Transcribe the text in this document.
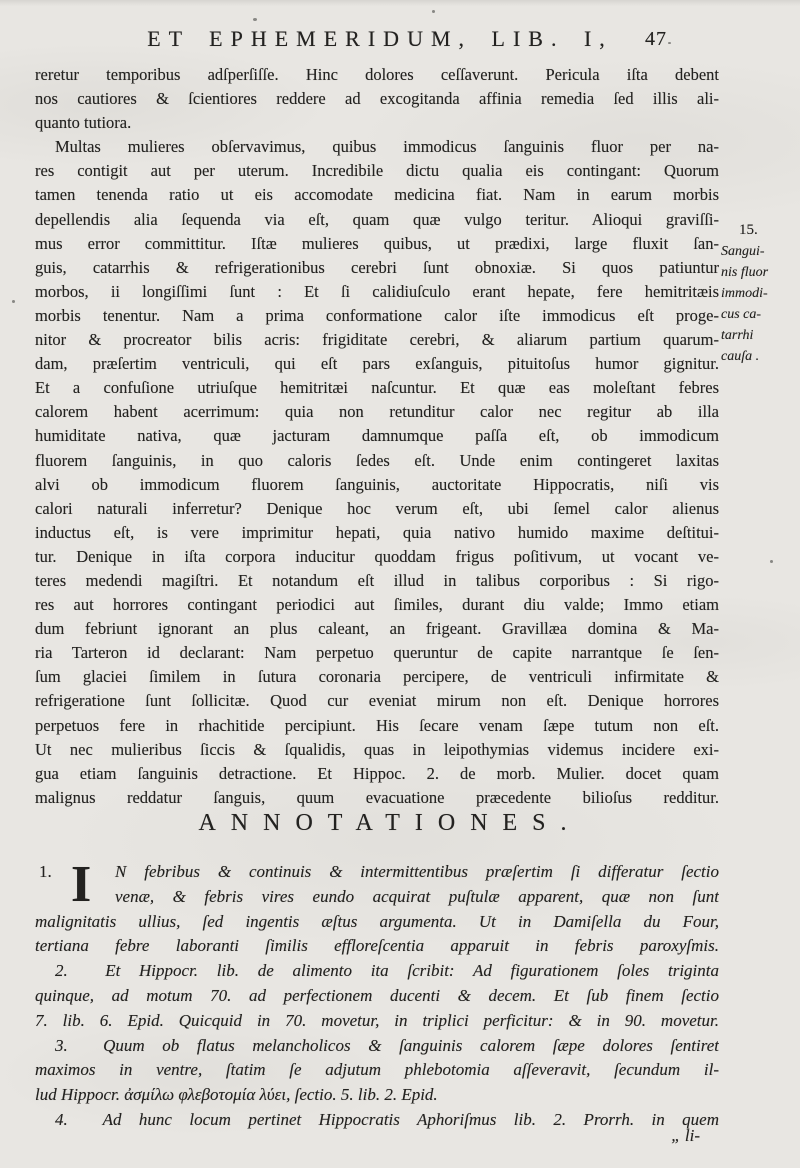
ET EPHEMERIDUM, LIB. I,	47
reretur temporibus adſperſiſſe. Hinc dolores ceſſaverunt. Pericula iſta debent
nos cautiores & ſcientiores reddere ad excogitanda affinia remedia ſed illis ali-
quanto tutiora.
Multas mulieres obſervavimus, quibus immodicus ſanguinis fluor per na-
res contigit aut per uterum. Incredibile dictu qualia eis contingant: Quorum
tamen tenenda ratio ut eis accomodate medicina fiat. Nam in earum morbis
depellendis alia ſequenda via eſt, quam quæ vulgo teritur. Alioqui graviſſi-
mus error committitur. Iſtæ mulieres quibus, ut prædixi, large fluxit ſan-
guis, catarrhis & refrigerationibus cerebri ſunt obnoxiæ. Si quos patiuntur
morbos, ii longiſſimi ſunt : Et ſi calidiuſculo erant hepate, fere hemitritæis
morbis tenentur. Nam a prima conformatione calor iſte immodicus eſt proge-
nitor & procreator bilis acris: frigiditate cerebri, & aliarum partium quarum-
dam, præſertim ventriculi, qui eſt pars exſanguis, pituitoſus humor gignitur.
Et a confuſione utriuſque hemitritæi naſcuntur. Et quæ eas moleſtant febres
calorem habent acerrimum: quia non retunditur calor nec regitur ab illa
humiditate nativa, quæ jacturam damnumque paſſa eſt, ob immodicum
fluorem ſanguinis, in quo caloris ſedes eſt. Unde enim contingeret laxitas
alvi ob immodicum fluorem ſanguinis, auctoritate Hippocratis, niſi vis
calori naturali inferretur? Denique hoc verum eſt, ubi ſemel calor alienus
inductus eſt, is vere imprimitur hepati, quia nativo humido maxime deſtitui-
tur. Denique in iſta corpora inducitur quoddam frigus poſitivum, ut vocant ve-
teres medendi magiſtri. Et notandum eſt illud in talibus corporibus : Si rigo-
res aut horrores contingant periodici aut ſimiles, durant diu valde; Immo etiam
dum febriunt ignorant an plus caleant, an frigeant. Gravillæa domina & Ma-
ria Tarteron id declarant: Nam perpetuo queruntur de capite narrantque ſe ſen-
ſum glaciei ſimilem in ſutura coronaria percipere, de ventriculi infirmitate &
refrigeratione ſunt ſollicitæ. Quod cur eveniat mirum non eſt. Denique horrores
perpetuos fere in rhachitide percipiunt. His ſecare venam ſæpe tutum non eſt.
Ut nec mulieribus ſiccis & ſqualidis, quas in leipothymias videmus incidere exi-
gua etiam ſanguinis detractione. Et Hippoc. 2. de morb. Mulier. docet quam
malignus reddatur ſanguis, quum evacuatione præcedente bilioſus redditur.
15.
Sangui-
nis fluor
immodi-
cus ca-
tarrhi
cauſa .
ANNOTATIONES.
1. I	N febribus & continuis & intermittentibus præſertim ſi differatur ſectio
venæ, & febris vires eundo acquirat puſtulæ apparent, quæ non ſunt
malignitatis ullius, ſed ingentis æſtus argumenta. Ut in Damiſella du Four,
tertiana febre laboranti ſimilis effloreſcentia apparuit in febris paroxyſmis.
2. Et Hippocr. lib. de alimento ita ſcribit: Ad figurationem ſoles triginta
quinque, ad motum 70. ad perfectionem ducenti & decem. Et ſub finem ſectio
7. lib. 6. Epid. Quicquid in 70. movetur, in triplici perficitur: & in 90. movetur.
3. Quum ob flatus melancholicos & ſanguinis calorem ſæpe dolores ſentiret
maximos in ventre, ſtatim ſe adjutum phlebotomia aſſeveravit, ſecundum il-
lud Hippocr. ἀσμίλω φλεβοτομία λύει, ſectio. 5. lib. 2. Epid.
4. Ad hunc locum pertinet Hippocratis Aphoriſmus lib. 2. Prorrh. in quem
„ li-
